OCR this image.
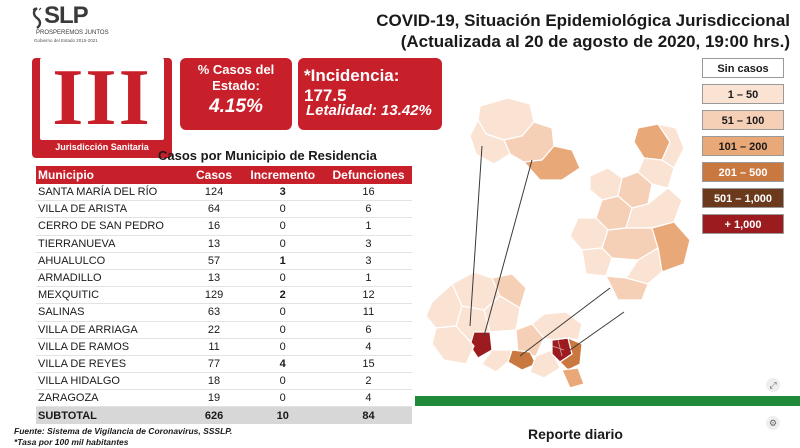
SLP
PROSPEREMOS JUNTOS
Gobierno del Estado 2015-2021
COVID-19, Situación Epidemiológica Jurisdiccional
(Actualizada al 20 de agosto de 2020, 19:00 hrs.)
III
Jurisdicción Sanitaria
% Casos del
Estado:
4.15%
*Incidencia: 177.5
Letalidad: 13.42%
Casos por Municipio de Residencia
Municipio	Casos	Incremento	Defunciones
SANTA MARÍA DEL RÍO	124	3	16
VILLA DE ARISTA	64	0	6
CERRO DE SAN PEDRO	16	0	1
TIERRANUEVA	13	0	3
AHUALULCO	57	1	3
ARMADILLO	13	0	1
MEXQUITIC	129	2	12
SALINAS	63	0	11
VILLA DE ARRIAGA	22	0	6
VILLA DE RAMOS	11	0	4
VILLA DE REYES	77	4	15
VILLA HIDALGO	18	0	2
ZARAGOZA	19	0	4
SUBTOTAL	626	10	84
Fuente: Sistema de Vigilancia de Coronavirus, SSSLP.
*Tasa por 100 mil habitantes
Sin casos
1 – 50
51 – 100
101 – 200
201 – 500
501 – 1,000
+ 1,000
Reporte diario
⤢
⚙
